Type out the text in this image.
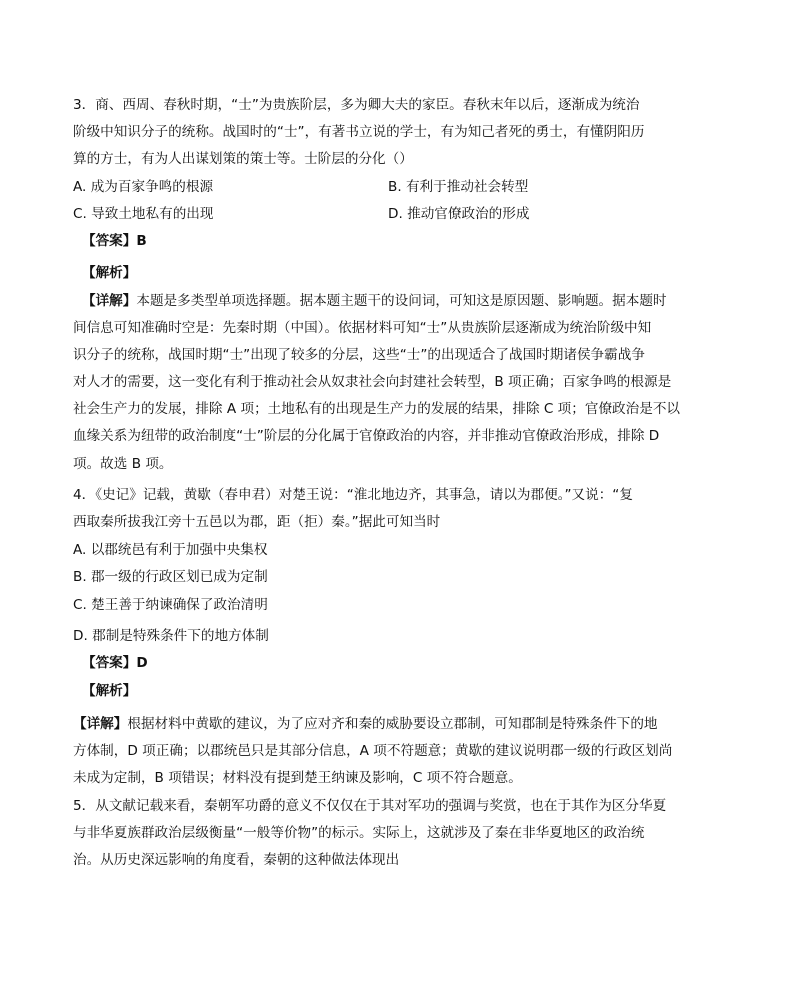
3．商、西周、春秋时期，“士”为贵族阶层，多为卿大夫的家臣。春秋末年以后，逐渐成为统治
阶级中知识分子的统称。战国时的“士”，有著书立说的学士，有为知己者死的勇士，有懂阴阳历
算的方士，有为人出谋划策的策士等。士阶层的分化（）
A. 成为百家争鸣的根源	B. 有利于推动社会转型
C. 导致土地私有的出现	D. 推动官僚政治的形成
【答案】B
【解析】
【详解】本题是多类型单项选择题。据本题主题干的设问词，可知这是原因题、影响题。据本题时
间信息可知准确时空是：先秦时期（中国）。依据材料可知“士”从贵族阶层逐渐成为统治阶级中知
识分子的统称，战国时期“士”出现了较多的分层，这些“士”的出现适合了战国时期诸侯争霸战争
对人才的需要，这一变化有利于推动社会从奴隶社会向封建社会转型，B 项正确；百家争鸣的根源是
社会生产力的发展，排除 A 项；土地私有的出现是生产力的发展的结果，排除 C 项；官僚政治是不以
血缘关系为纽带的政治制度“士”阶层的分化属于官僚政治的内容，并非推动官僚政治形成，排除 D
项。故选 B 项。
4．《史记》记载，黄歇（春申君）对楚王说：“淮北地边齐，其事急，请以为郡便。”又说：“复
西取秦所拔我江旁十五邑以为郡，距（拒）秦。”据此可知当时
A. 以郡统邑有利于加强中央集权
B. 郡一级的行政区划已成为定制
C. 楚王善于纳谏确保了政治清明
D. 郡制是特殊条件下的地方体制
【答案】D
【解析】
【详解】根据材料中黄歇的建议，为了应对齐和秦的威胁要设立郡制，可知郡制是特殊条件下的地
方体制，D 项正确；以郡统邑只是其部分信息，A 项不符题意；黄歇的建议说明郡一级的行政区划尚
未成为定制，B 项错误；材料没有提到楚王纳谏及影响，C 项不符合题意。
5．从文献记载来看，秦朝军功爵的意义不仅仅在于其对军功的强调与奖赏，也在于其作为区分华夏
与非华夏族群政治层级衡量“一般等价物”的标示。实际上，这就涉及了秦在非华夏地区的政治统
治。从历史深远影响的角度看，秦朝的这种做法体现出
